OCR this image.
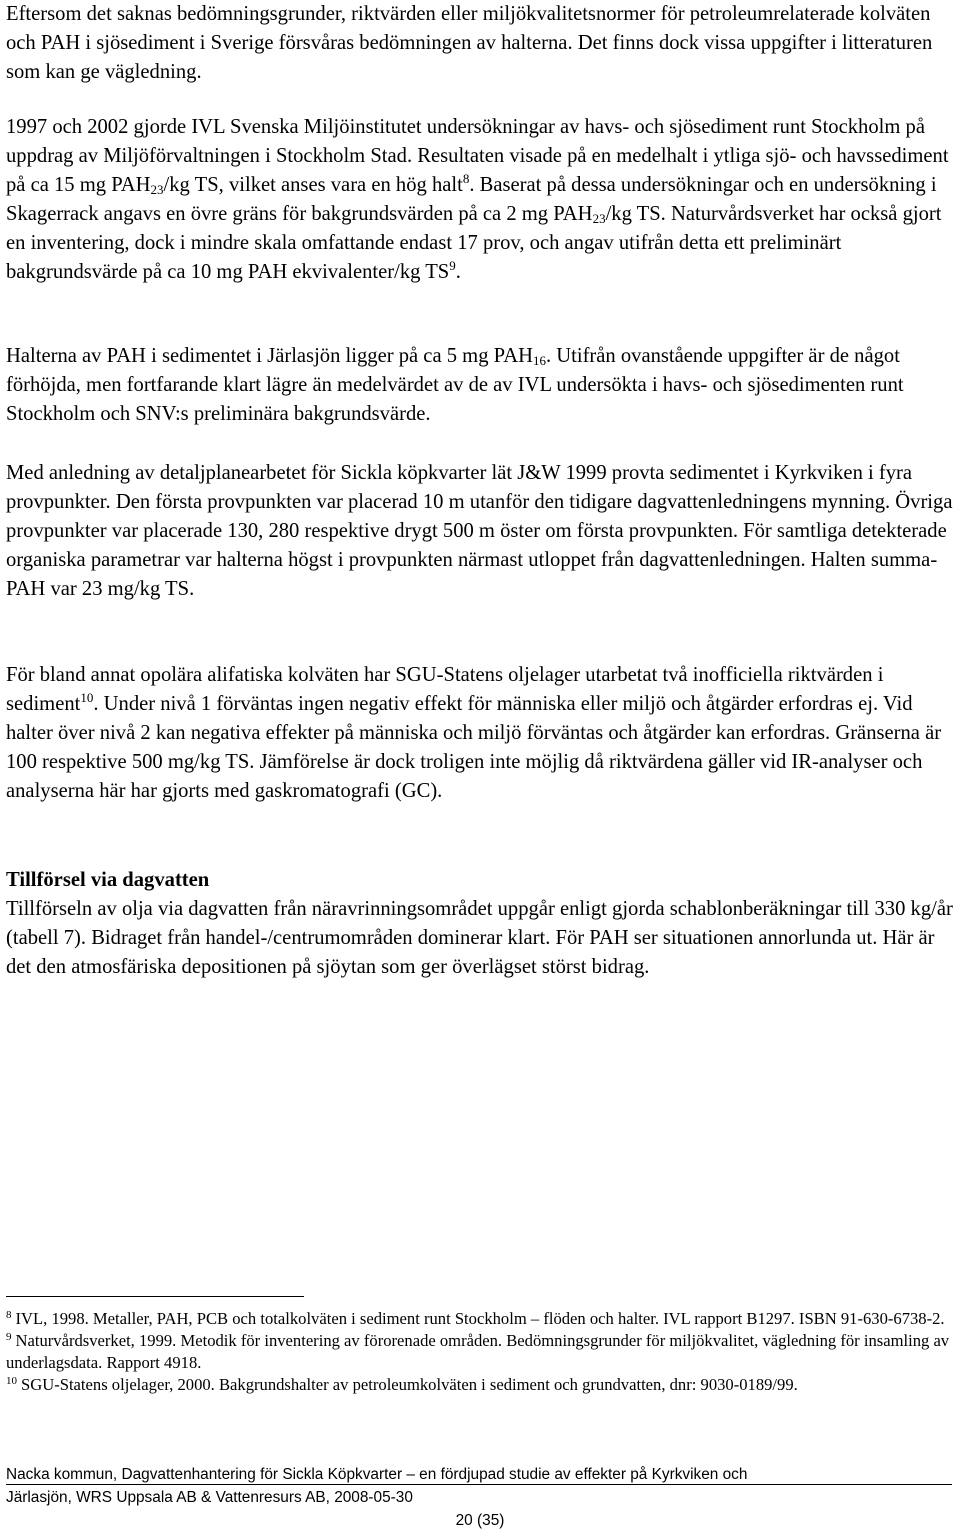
Eftersom det saknas bedömningsgrunder, riktvärden eller miljökvalitetsnormer för petroleumrelaterade kolväten och PAH i sjösediment i Sverige försvåras bedömningen av halterna. Det finns dock vissa uppgifter i litteraturen som kan ge vägledning.

1997 och 2002 gjorde IVL Svenska Miljöinstitutet undersökningar av havs- och sjösediment runt Stockholm på uppdrag av Miljöförvaltningen i Stockholm Stad. Resultaten visade på en medelhalt i ytliga sjö- och havssediment på ca 15 mg $PAH_{23}/kg$ TS, vilket anses vara en hög halt$^8$. Baserat på dessa undersökningar och en undersökning i Skagerrack angavs en övre gräns för bakgrundsvärden på ca 2 mg $PAH_{23}/kg$ TS. Naturvårdsverket har också gjort en inventering, dock i mindre skala omfattande endast 17 prov, och angav utifrån detta ett preliminärt bakgrundsvärde på ca 10 mg PAH ekvivalenter/kg $TS^9$.

Halterna av PAH i sedimentet i Järlasjön ligger på ca 5 mg $PAH_{16}$. Utifrån ovanstående uppgifter är de något förhöjda, men fortfarande klart lägre än medelvärdet av de av IVL undersökta i havs- och sjösedimenten runt Stockholm och SNV:s preliminära bakgrundsvärde.

Med anledning av detaljplanearbetet för Sickla köpkvarter lät J&W 1999 provta sedimentet i Kyrkviken i fyra provpunkter. Den första provpunkten var placerad 10 m utanför den tidigare dagvattenledningens mynning. Övriga provpunkter var placerade 130, 280 respektive drygt 500 m öster om första provpunkten. För samtliga detekterade organiska parametrar var halterna högst i provpunkten närmast utloppet från dagvattenledningen. Halten summa-PAH var 23 mg/kg TS.

För bland annat opolära alifatiska kolväten har SGU-Statens oljelager utarbetat två inofficiella riktvärden i sediment$^{10}$. Under nivå 1 förväntas ingen negativ effekt för människa eller miljö och åtgärder erfordras ej. Vid halter över nivå 2 kan negativa effekter på människa och miljö förväntas och åtgärder kan erfordras. Gränserna är 100 respektive 500 mg/kg TS. Jämförelse är dock troligen inte möjlig då riktvärdena gäller vid IR-analyser och analyserna här har gjorts med gaskromatografi (GC).

Tillförsel via dagvatten

Tillförseln av olja via dagvatten från näravrinningsområdet uppgår enligt gjorda schablonberäkningar till 330 kg/år (tabell 7). Bidraget från handel-/centrumområden dominerar klart. För PAH ser situationen annorlunda ut. Här är det den atmosfäriska depositionen på sjöytan som ger överlägset störst bidrag.

$^8$ IVL, 1998. Metaller, PAH, PCB och totalkolväten i sediment runt Stockholm – flöden och halter. IVL rapport B1297. ISBN 91-630-6738-2.

$^9$ Naturvårdsverket, 1999. Metodik för inventering av förorenade områden. Bedömningsgrunder för miljökvalitet, vägledning för insamling av underlagsdata. Rapport 4918.

$^{10}$ SGU-Statens oljelager, 2000. Bakgrundshalter av petroleumkolväten i sediment och grundvatten, dnr: 9030-0189/99.

Nacka kommun, Dagvattenhantering för Sickla Köpkvarter – en fördjupad studie av effekter på Kyrkviken och
Järlasjön, WRS Uppsala AB & Vattenresurs AB, 2008-05-30
20 (35)
